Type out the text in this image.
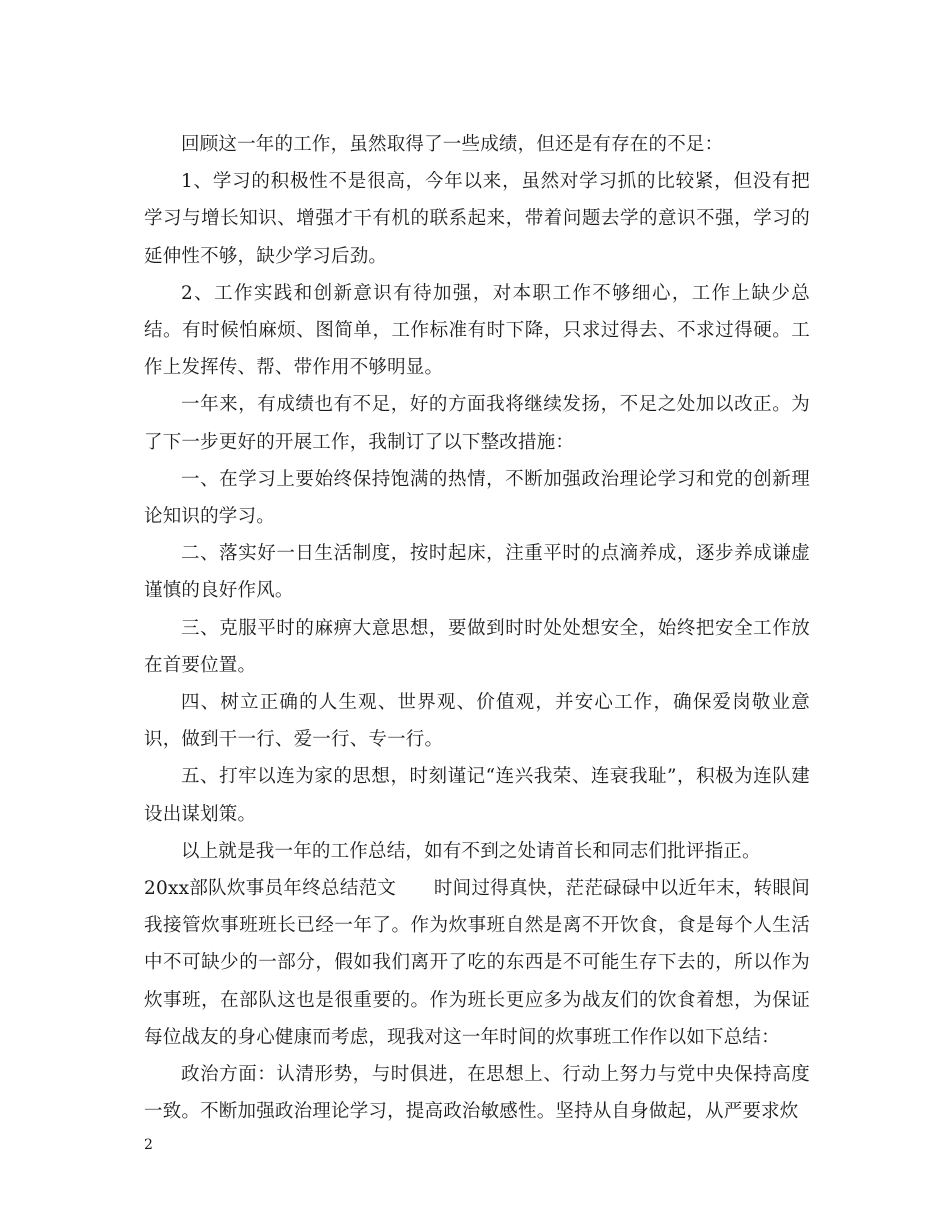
回顾这一年的工作，虽然取得了一些成绩，但还是有存在的不足：

1、学习的积极性不是很高，今年以来，虽然对学习抓的比较紧，但没有把学习与增长知识、增强才干有机的联系起来，带着问题去学的意识不强，学习的延伸性不够，缺少学习后劲。

2、工作实践和创新意识有待加强，对本职工作不够细心，工作上缺少总结。有时候怕麻烦、图简单，工作标准有时下降，只求过得去、不求过得硬。工作上发挥传、帮、带作用不够明显。

一年来，有成绩也有不足，好的方面我将继续发扬，不足之处加以改正。为了下一步更好的开展工作，我制订了以下整改措施：

一、在学习上要始终保持饱满的热情，不断加强政治理论学习和党的创新理论知识的学习。

二、落实好一日生活制度，按时起床，注重平时的点滴养成，逐步养成谦虚谨慎的良好作风。

三、克服平时的麻痹大意思想，要做到时时处处想安全，始终把安全工作放在首要位置。

四、树立正确的人生观、世界观、价值观，并安心工作，确保爱岗敬业意识，做到干一行、爱一行、专一行。

五、打牢以连为家的思想，时刻谨记“连兴我荣、连衰我耻”，积极为连队建设出谋划策。

以上就是我一年的工作总结，如有不到之处请首长和同志们批评指正。

20xx部队炊事员年终总结范文　　时间过得真快，茫茫碌碌中以近年末，转眼间我接管炊事班班长已经一年了。作为炊事班自然是离不开饮食，食是每个人生活中不可缺少的一部分，假如我们离开了吃的东西是不可能生存下去的，所以作为炊事班，在部队这也是很重要的。作为班长更应多为战友们的饮食着想，为保证每位战友的身心健康而考虑，现我对这一年时间的炊事班工作作以如下总结：

政治方面：认清形势，与时俱进，在思想上、行动上努力与党中央保持高度一致。不断加强政治理论学习，提高政治敏感性。坚持从自身做起，从严要求炊

2
